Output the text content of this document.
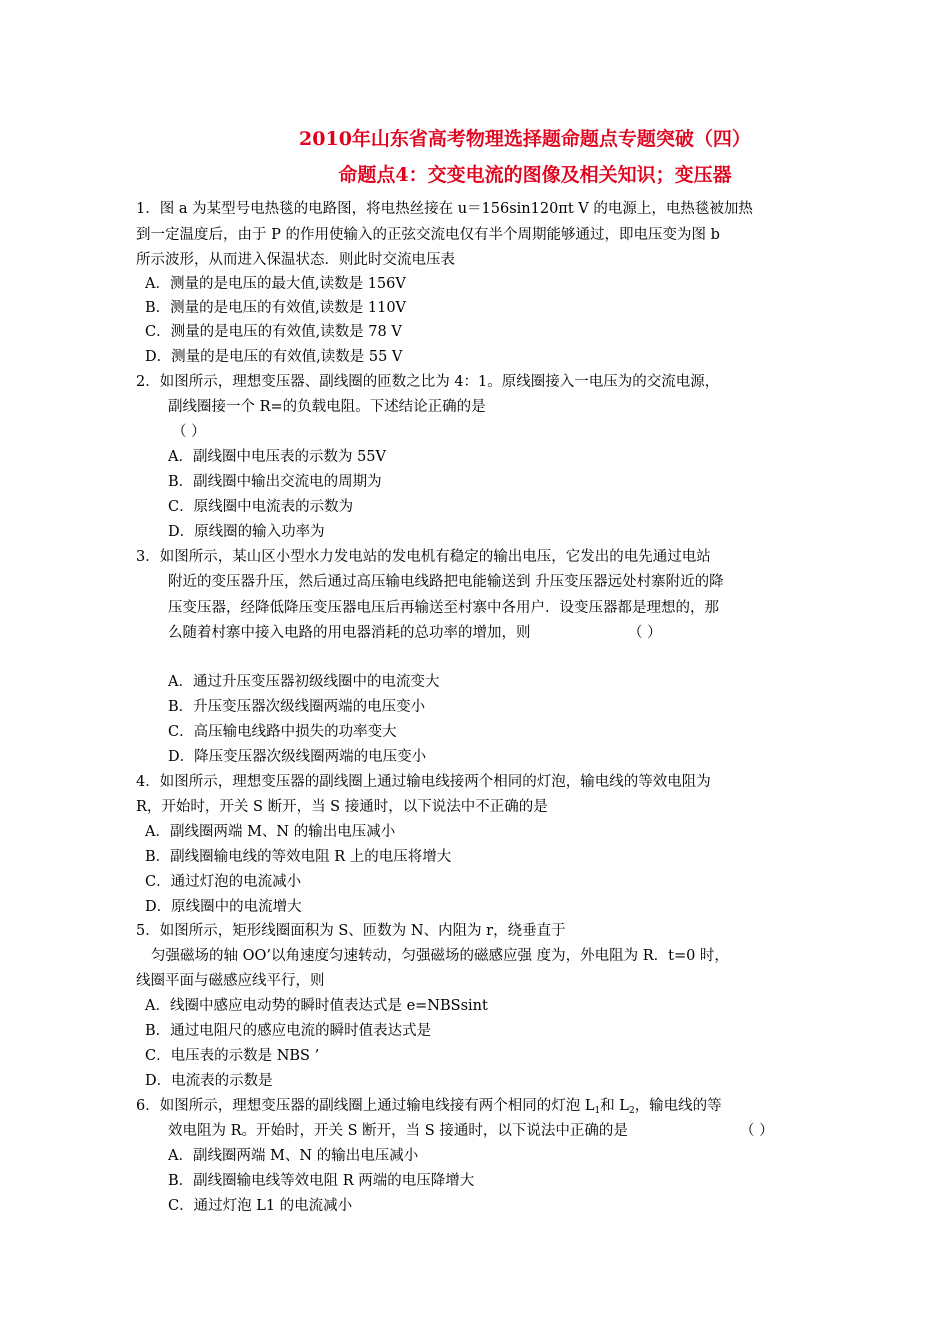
2010年山东省高考物理选择题命题点专题突破（四）
命题点4：交变电流的图像及相关知识；变压器
1．图 a 为某型号电热毯的电路图，将电热丝接在 u＝156sin120πt V 的电源上，电热毯被加热
到一定温度后，由于 P 的作用使输入的正弦交流电仅有半个周期能够通过，即电压变为图 b
所示波形，从而进入保温状态．则此时交流电压表
A．测量的是电压的最大值,读数是 156V
B．测量的是电压的有效值,读数是 110V
C．测量的是电压的有效值,读数是 78 V
D．测量的是电压的有效值,读数是 55 V
2．如图所示，理想变压器、副线圈的匝数之比为 4：1。原线圈接入一电压为的交流电源，
副线圈接一个 R=的负载电阻。下述结论正确的是
（ ）
A．副线圈中电压表的示数为 55V
B．副线圈中输出交流电的周期为
C．原线圈中电流表的示数为
D．原线圈的输入功率为
3．如图所示，某山区小型水力发电站的发电机有稳定的输出电压，它发出的电先通过电站
附近的变压器升压，然后通过高压输电线路把电能输送到 升压变压器远处村寨附近的降
压变压器，经降低降压变压器电压后再输送至村寨中各用户．设变压器都是理想的，那
么随着村寨中接入电路的用电器消耗的总功率的增加，则	（ ）
A．通过升压变压器初级线圈中的电流变大
B．升压变压器次级线圈两端的电压变小
C．高压输电线路中损失的功率变大
D．降压变压器次级线圈两端的电压变小
4．如图所示，理想变压器的副线圈上通过输电线接两个相同的灯泡，输电线的等效电阻为
R，开始时，开关 S 断开，当 S 接通时，以下说法中不正确的是
A．副线圈两端 M、N 的输出电压减小
B．副线圈输电线的等效电阻 R 上的电压将增大
C．通过灯泡的电流减小
D．原线圈中的电流增大
5．如图所示，矩形线圈面积为 S、匝数为 N、内阻为 r，绕垂直于
匀强磁场的轴 OO’以角速度匀速转动，匀强磁场的磁感应强 度为，外电阻为 R．t=0 时，
线圈平面与磁感应线平行，则
A．线圈中感应电动势的瞬时值表达式是 e=NBSsint
B．通过电阻尺的感应电流的瞬时值表达式是
C．电压表的示数是 NBS ’
D．电流表的示数是
6．如图所示，理想变压器的副线圈上通过输电线接有两个相同的灯泡 $L_1$和 $L_2$，输电线的等
效电阻为 R。开始时，开关 S 断开，当 S 接通时，以下说法中正确的是	（ ）
A．副线圈两端 M、N 的输出电压减小
B．副线圈输电线等效电阻 R 两端的电压降增大
C．通过灯泡 L1 的电流减小
